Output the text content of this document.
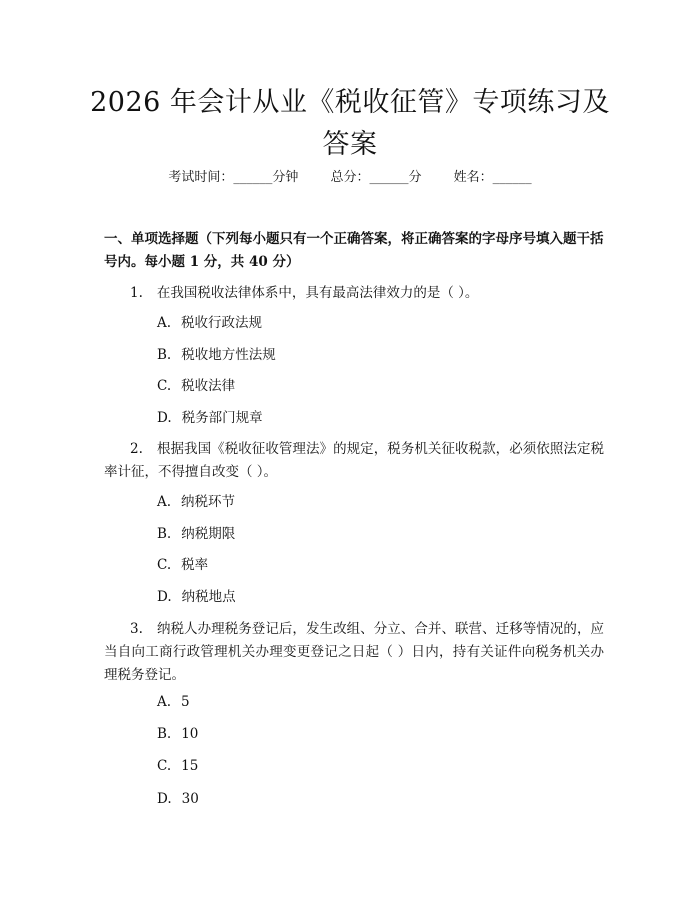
2026 年会计从业《税收征管》专项练习及答案
考试时间：______分钟 总分：______分 姓名：______
一、单项选择题（下列每小题只有一个正确答案，将正确答案的字母序号填入题干括号内。每小题 1 分，共 40 分）
1. 在我国税收法律体系中，具有最高法律效力的是（ ）。
A. 税收行政法规
B. 税收地方性法规
C. 税收法律
D. 税务部门规章
2. 根据我国《税收征收管理法》的规定，税务机关征收税款，必须依照法定税率计征，不得擅自改变（ ）。
A. 纳税环节
B. 纳税期限
C. 税率
D. 纳税地点
3. 纳税人办理税务登记后，发生改组、分立、合并、联营、迁移等情况的，应当自向工商行政管理机关办理变更登记之日起（ ）日内，持有关证件向税务机关办理税务登记。
A. 5
B. 10
C. 15
D. 30
